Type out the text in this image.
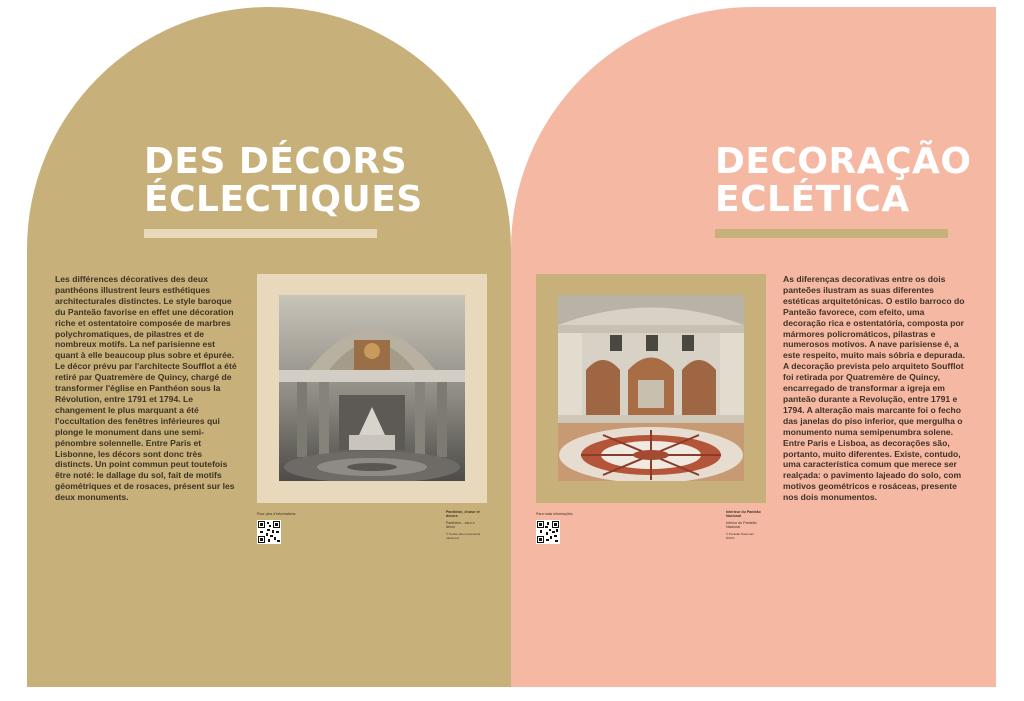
DES DÉCORS
ÉCLECTIQUES

Les différences décoratives des deux panthéons illustrent leurs esthétiques architecturales distinctes. Le style baroque du Panteão favorise en effet une décoration riche et ostentatoire composée de marbres polychromatiques, de pilastres et de nombreux motifs. La nef parisienne est quant à elle beaucoup plus sobre et épurée. Le décor prévu par l'architecte Soufflot a été retiré par Quatremère de Quincy, chargé de transformer l'église en Panthéon sous la Révolution, entre 1791 et 1794. Le changement le plus marquant a été l'occultation des fenêtres inférieures qui plonge le monument dans une semi-pénombre solennelle. Entre Paris et Lisbonne, les décors sont donc très distincts. Un point commun peut toutefois être noté: le dallage du sol, fait de motifs géométriques et de rosaces, présent sur les deux monuments.

Pour plus d'informations	Panthéon, chœur et decors
Panthéon - coro e décor
© Centre des monuments nationaux
DECORAÇÃO
ECLÉTICA

As diferenças decorativas entre os dois panteões ilustram as suas diferentes estéticas arquitetónicas. O estilo barroco do Panteão favorece, com efeito, uma decoração rica e ostentatória, composta por mármores policromáticos, pilastras e numerosos motivos. A nave parisiense é, a este respeito, muito mais sóbria e depurada. A decoração prevista pelo arquiteto Soufflot foi retirada por Quatremère de Quincy, encarregado de transformar a igreja em panteão durante a Revolução, entre 1791 e 1794. A alteração mais marcante foi o fecho das janelas do piso inferior, que mergulha o monumento numa semipenumbra solene. Entre Paris e Lisboa, as decorações são, portanto, muito diferentes. Existe, contudo, uma característica comum que merece ser realçada: o pavimento lajeado do solo, com motivos geométricos e rosáceas, presente nos dois monumentos.

Para mais informações	Intérieur du Panteão Nacional
Interior do Panteão Nacional
© Panteão Nacional / DGPC
